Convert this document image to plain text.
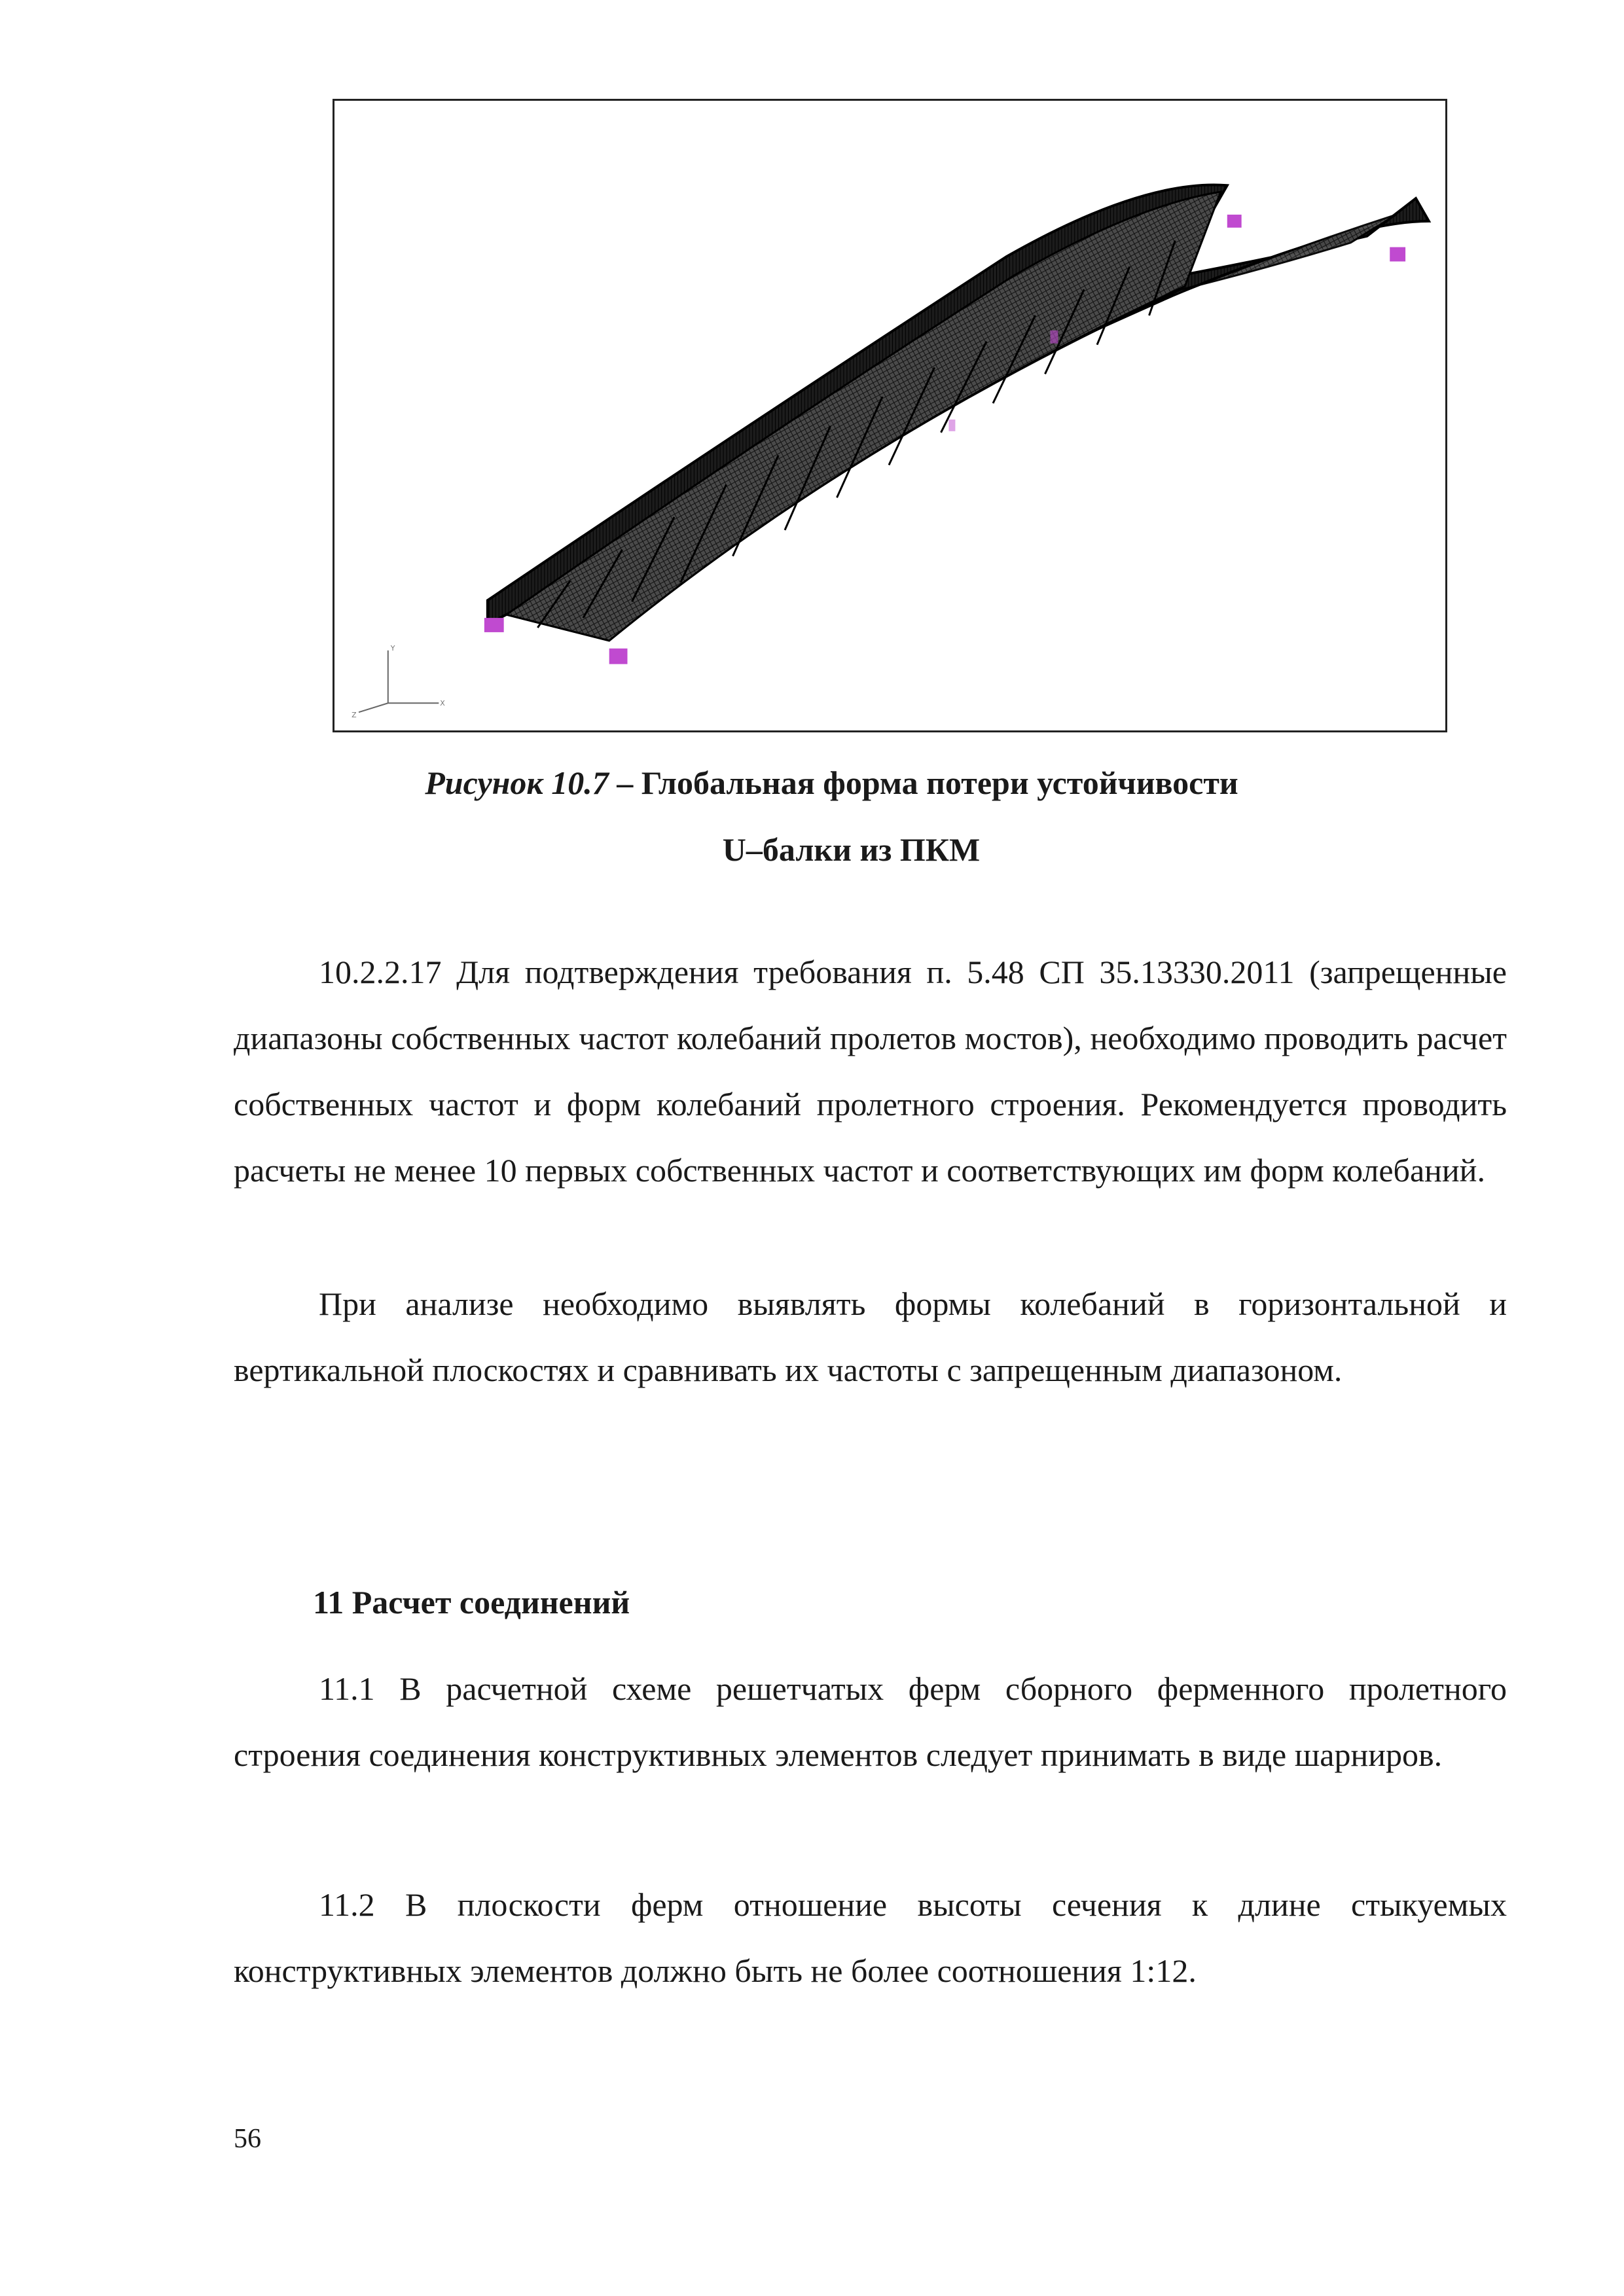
Y
Z
X
Рисунок 10.7 – Глобальная форма потери устойчивости
U–балки из ПКМ

10.2.2.17 Для подтверждения требования п. 5.48 СП 35.13330.2011 (запрещенные диапазоны собственных частот колебаний пролетов мостов), необходимо проводить расчет собственных частот и форм колебаний пролетного строения. Рекомендуется проводить расчеты не менее 10 первых собственных частот и соответствующих им форм колебаний.

При анализе необходимо выявлять формы колебаний в горизонтальной и вертикальной плоскостях и сравнивать их частоты с запрещенным диапазоном.

11 Расчет соединений

11.1 В расчетной схеме решетчатых ферм сборного ферменного пролетного строения соединения конструктивных элементов следует принимать в виде шарниров.

11.2 В плоскости ферм отношение высоты сечения к длине стыкуемых конструктивных элементов должно быть не более соотношения 1:12.

56
